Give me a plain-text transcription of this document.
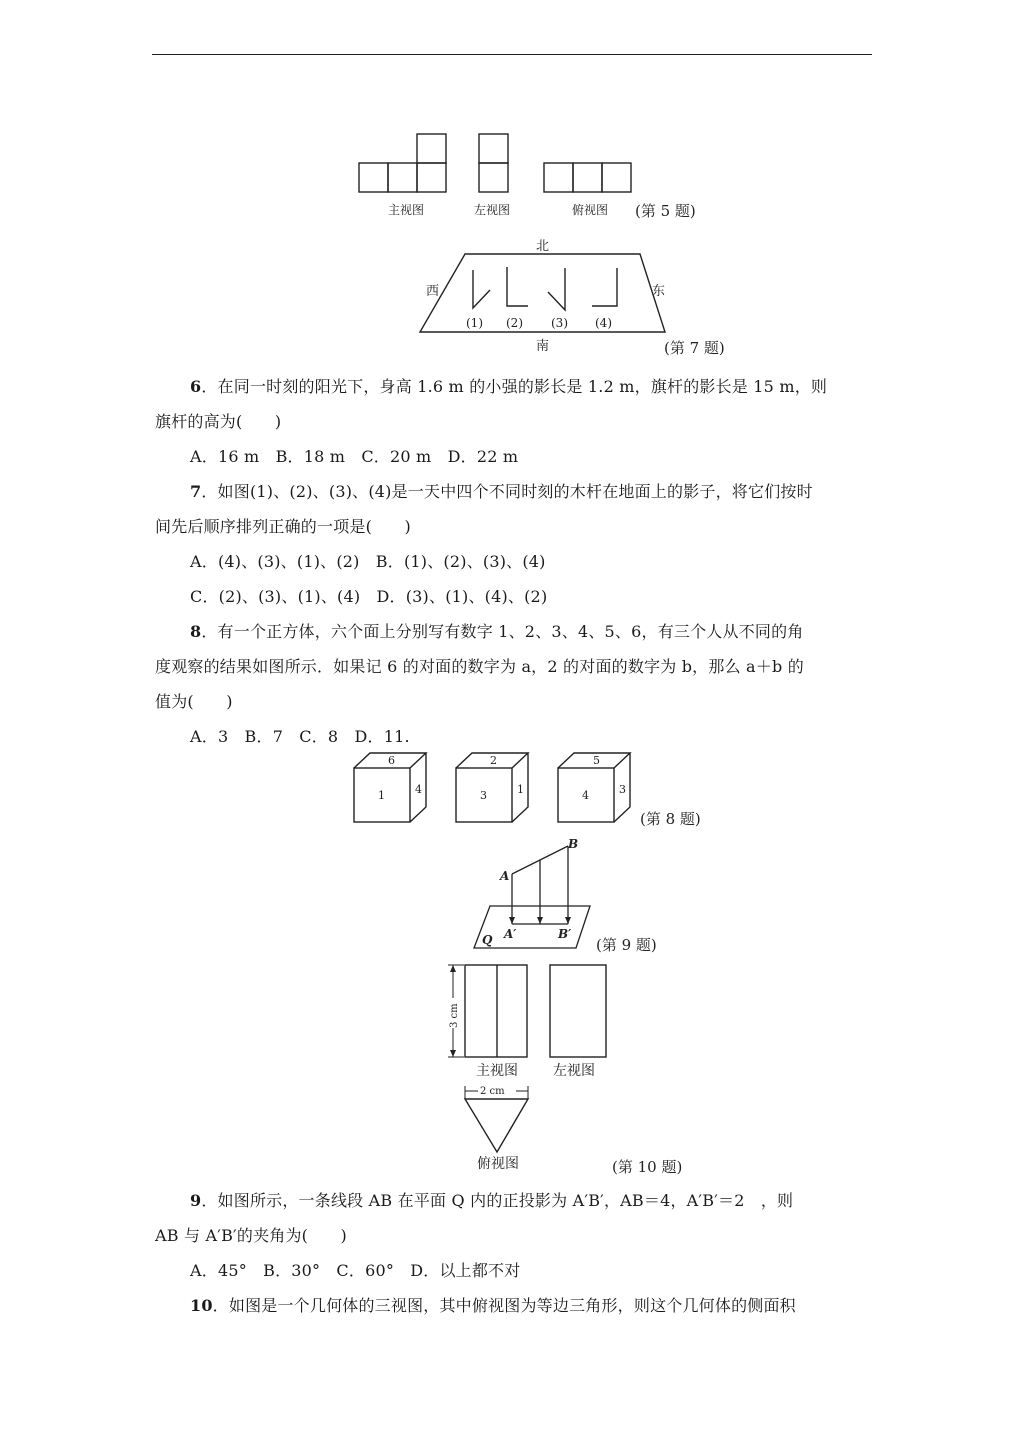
主视图	左视图	俯视图 (第 5 题)
北
南
西	东
(1) (2) (3) (4)
(第 7 题)
6．在同一时刻的阳光下，身高 1.6 m 的小强的影长是 1.2 m，旗杆的影长是 15 m，则
旗杆的高为(　　)
A．16 m　B．18 m　C．20 m　D．22 m
7．如图(1)、(2)、(3)、(4)是一天中四个不同时刻的木杆在地面上的影子，将它们按时
间先后顺序排列正确的一项是(　　)
A．(4)、(3)、(1)、(2)　B．(1)、(2)、(3)、(4)
C．(2)、(3)、(1)、(4)　D．(3)、(1)、(4)、(2)
8．有一个正方体，六个面上分别写有数字 1、2、3、4、5、6，有三个人从不同的角
度观察的结果如图所示．如果记 6 的对面的数字为 a，2 的对面的数字为 b，那么 a＋b 的
值为(　　)
A．3　B．7　C．8　D．11.
6
1	4
2
3	1
5
4	3
(第 8 题)
A
B
A′	B′
Q	(第 9 题)
3 cm
2 cm
主视图	左视图
俯视图	(第 10 题)
9．如图所示，一条线段 AB 在平面 Q 内的正投影为 A′B′，AB＝4，A′B′＝2　，则
AB 与 A′B′的夹角为(　　)
A．45°　B．30°　C．60°　D．以上都不对
10．如图是一个几何体的三视图，其中俯视图为等边三角形，则这个几何体的侧面积
